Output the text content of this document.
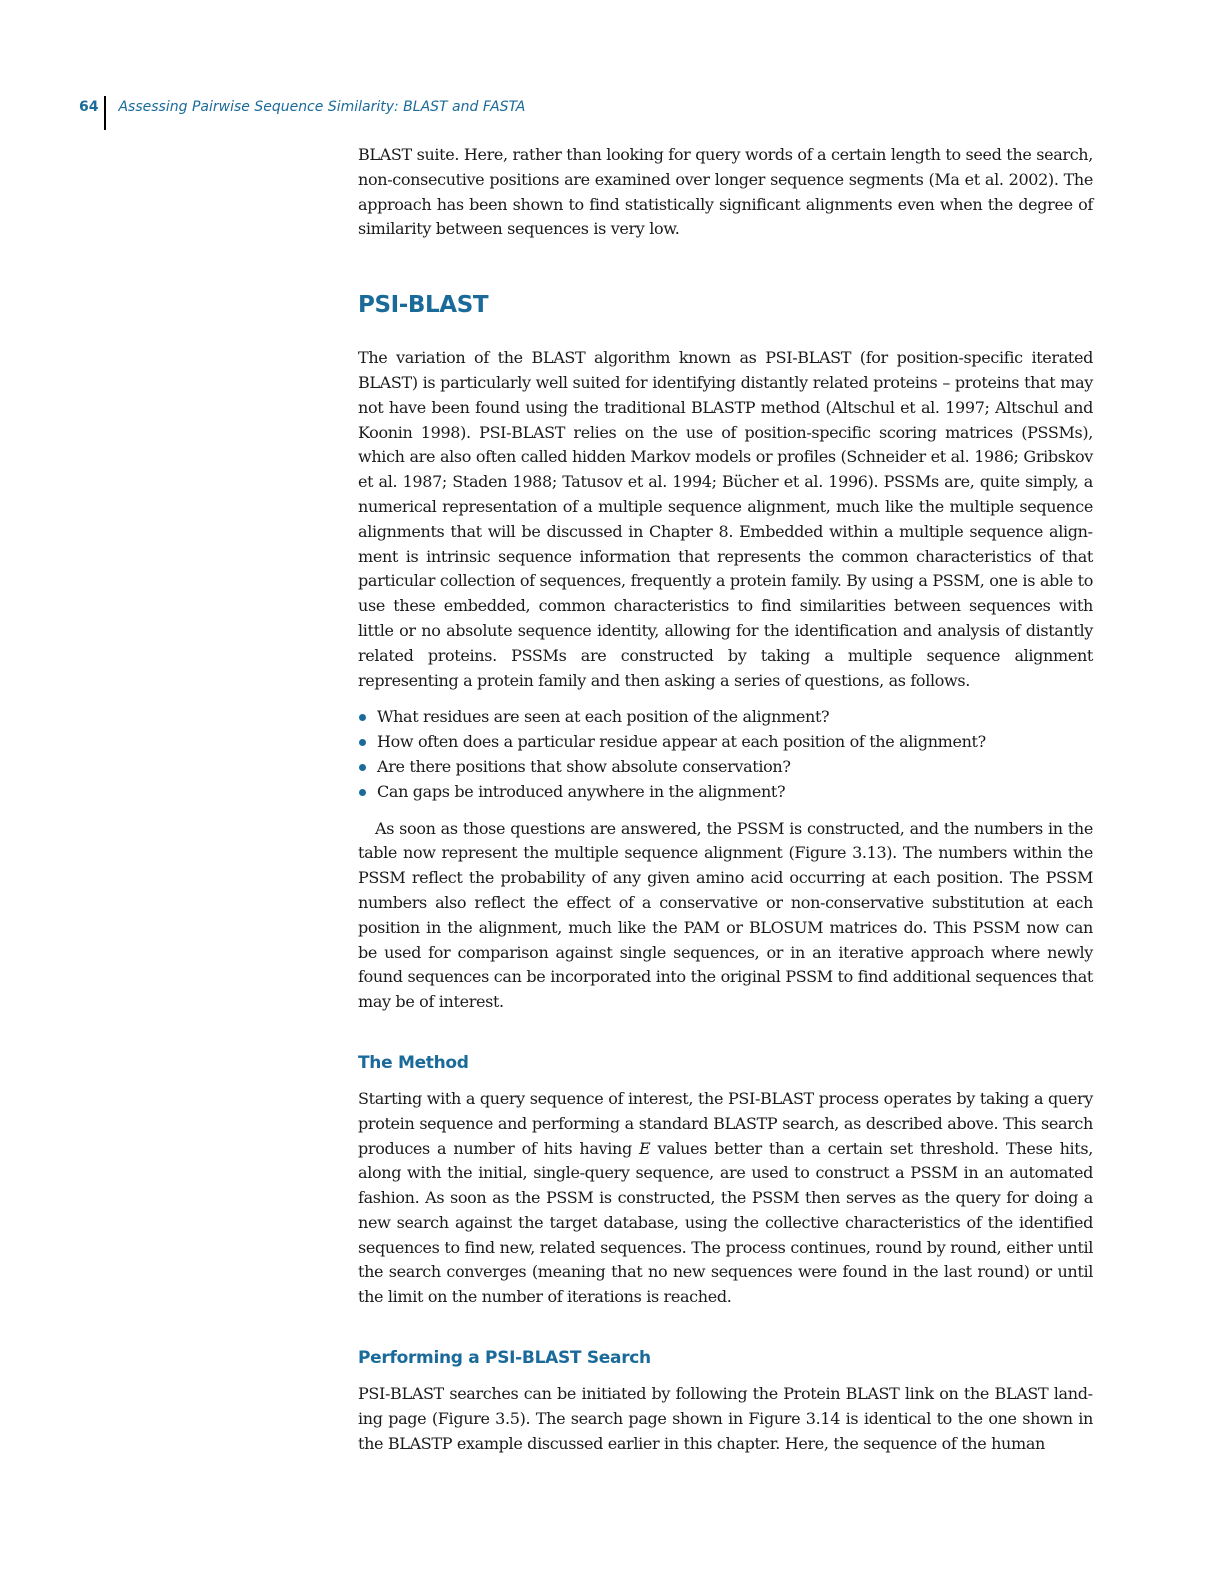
64 Assessing Pairwise Sequence Similarity: BLAST and FASTA

BLAST suite. Here, rather than looking for query words of a certain length to seed the search, non-consecutive positions are examined over longer sequence segments (Ma et al. 2002). The approach has been shown to find statistically significant alignments even when the degree of similarity between sequences is very low.

PSI-BLAST

The variation of the BLAST algorithm known as PSI-BLAST (for position-specific iterated BLAST) is particularly well suited for identifying distantly related proteins – proteins that may not have been found using the traditional BLASTP method (Altschul et al. 1997; Altschul and Koonin 1998). PSI-BLAST relies on the use of position-specific scoring matrices (PSSMs), which are also often called hidden Markov models or profiles (Schneider et al. 1986; Gribskov et al. 1987; Staden 1988; Tatusov et al. 1994; Bücher et al. 1996). PSSMs are, quite simply, a numerical representation of a multiple sequence alignment, much like the multiple sequence alignments that will be discussed in Chapter 8. Embedded within a multiple sequence alignment is intrinsic sequence information that represents the common characteristics of that particular collection of sequences, frequently a protein family. By using a PSSM, one is able to use these embedded, common characteristics to find similarities between sequences with little or no absolute sequence identity, allowing for the identification and analysis of distantly related proteins. PSSMs are constructed by taking a multiple sequence alignment representing a protein family and then asking a series of questions, as follows.

What residues are seen at each position of the alignment?
How often does a particular residue appear at each position of the alignment?
Are there positions that show absolute conservation?
Can gaps be introduced anywhere in the alignment?

As soon as those questions are answered, the PSSM is constructed, and the numbers in the table now represent the multiple sequence alignment (Figure 3.13). The numbers within the PSSM reflect the probability of any given amino acid occurring at each position. The PSSM numbers also reflect the effect of a conservative or non-conservative substitution at each position in the alignment, much like the PAM or BLOSUM matrices do. This PSSM now can be used for comparison against single sequences, or in an iterative approach where newly found sequences can be incorporated into the original PSSM to find additional sequences that may be of interest.

The Method

Starting with a query sequence of interest, the PSI-BLAST process operates by taking a query protein sequence and performing a standard BLASTP search, as described above. This search produces a number of hits having E values better than a certain set threshold. These hits, along with the initial, single-query sequence, are used to construct a PSSM in an automated fashion. As soon as the PSSM is constructed, the PSSM then serves as the query for doing a new search against the target database, using the collective characteristics of the identified sequences to find new, related sequences. The process continues, round by round, either until the search converges (meaning that no new sequences were found in the last round) or until the limit on the number of iterations is reached.

Performing a PSI-BLAST Search

PSI-BLAST searches can be initiated by following the Protein BLAST link on the BLAST landing page (Figure 3.5). The search page shown in Figure 3.14 is identical to the one shown in the BLASTP example discussed earlier in this chapter. Here, the sequence of the human
